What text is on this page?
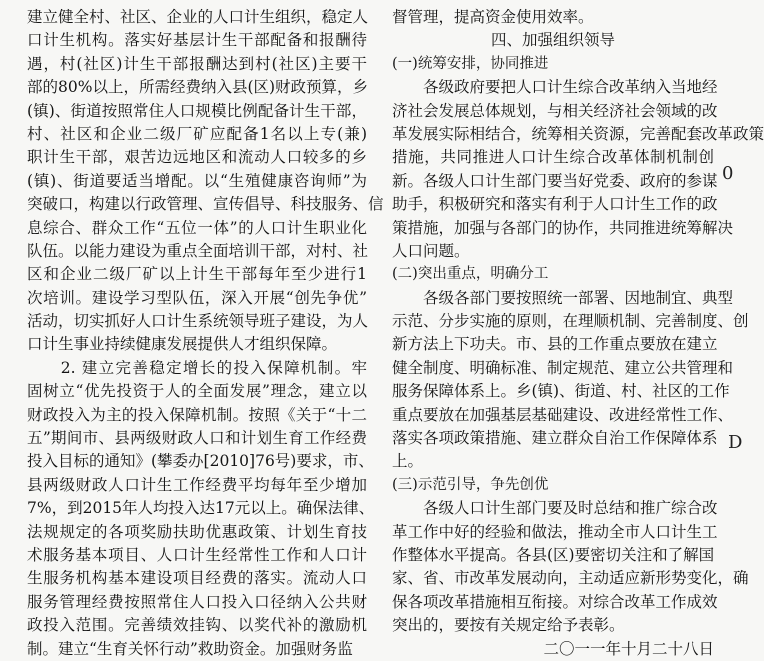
建立健全村、社区、企业的人口计生组织，稳定人
口计生机构。落实好基层计生干部配备和报酬待
遇，村(社区)计生干部报酬达到村(社区)主要干
部的80%以上，所需经费纳入县(区)财政预算，乡
(镇)、街道按照常住人口规模比例配备计生干部，
村、社区和企业二级厂矿应配备1名以上专(兼)
职计生干部，艰苦边远地区和流动人口较多的乡
(镇)、街道要适当增配。以“生殖健康咨询师”为
突破口，构建以行政管理、宣传倡导、科技服务、信
息综合、群众工作“五位一体”的人口计生职业化
队伍。以能力建设为重点全面培训干部，对村、社
区和企业二级厂矿以上计生干部每年至少进行1
次培训。建设学习型队伍，深入开展“创先争优”
活动，切实抓好人口计生系统领导班子建设，为人
口计生事业持续健康发展提供人才组织保障。
　　2. 建立完善稳定增长的投入保障机制。牢
固树立“优先投资于人的全面发展”理念，建立以
财政投入为主的投入保障机制。按照《关于“十二
五”期间市、县两级财政人口和计划生育工作经费
投入目标的通知》(攀委办[2010]76号)要求，市、
县两级财政人口计生工作经费平均每年至少增加
7%，到2015年人均投入达17元以上。确保法律、
法规规定的各项奖励扶助优惠政策、计划生育技
术服务基本项目、人口计生经常性工作和人口计
生服务机构基本建设项目经费的落实。流动人口
服务管理经费按照常住人口投入口径纳入公共财
政投入范围。完善绩效挂钩、以奖代补的激励机
制。建立“生育关怀行动”救助资金。加强财务监
督管理，提高资金使用效率。
四、加强组织领导
(一)统筹安排，协同推进
　　各级政府要把人口计生综合改革纳入当地经
济社会发展总体规划，与相关经济社会领域的改
革发展实际相结合，统筹相关资源，完善配套改革政策
措施，共同推进人口计生综合改革体制机制创
新。各级人口计生部门要当好党委、政府的参谋
助手，积极研究和落实有利于人口计生工作的政
策措施，加强与各部门的协作，共同推进统筹解决
人口问题。
(二)突出重点，明确分工
　　各级各部门要按照统一部署、因地制宜、典型
示范、分步实施的原则，在理顺机制、完善制度、创
新方法上下功夫。市、县的工作重点要放在建立
健全制度、明确标准、制定规范、建立公共管理和
服务保障体系上。乡(镇)、街道、村、社区的工作
重点要放在加强基层基础建设、改进经常性工作、
落实各项政策措施、建立群众自治工作保障体系
上。
(三)示范引导，争先创优
　　各级人口计生部门要及时总结和推广综合改
革工作中好的经验和做法，推动全市人口计生工
作整体水平提高。各县(区)要密切关注和了解国
家、省、市改革发展动向，主动适应新形势变化，确
保各项改革措施相互衔接。对综合改革工作成效
突出的，要按有关规定给予表彰。
二〇一一年十月二十八日
0
D
